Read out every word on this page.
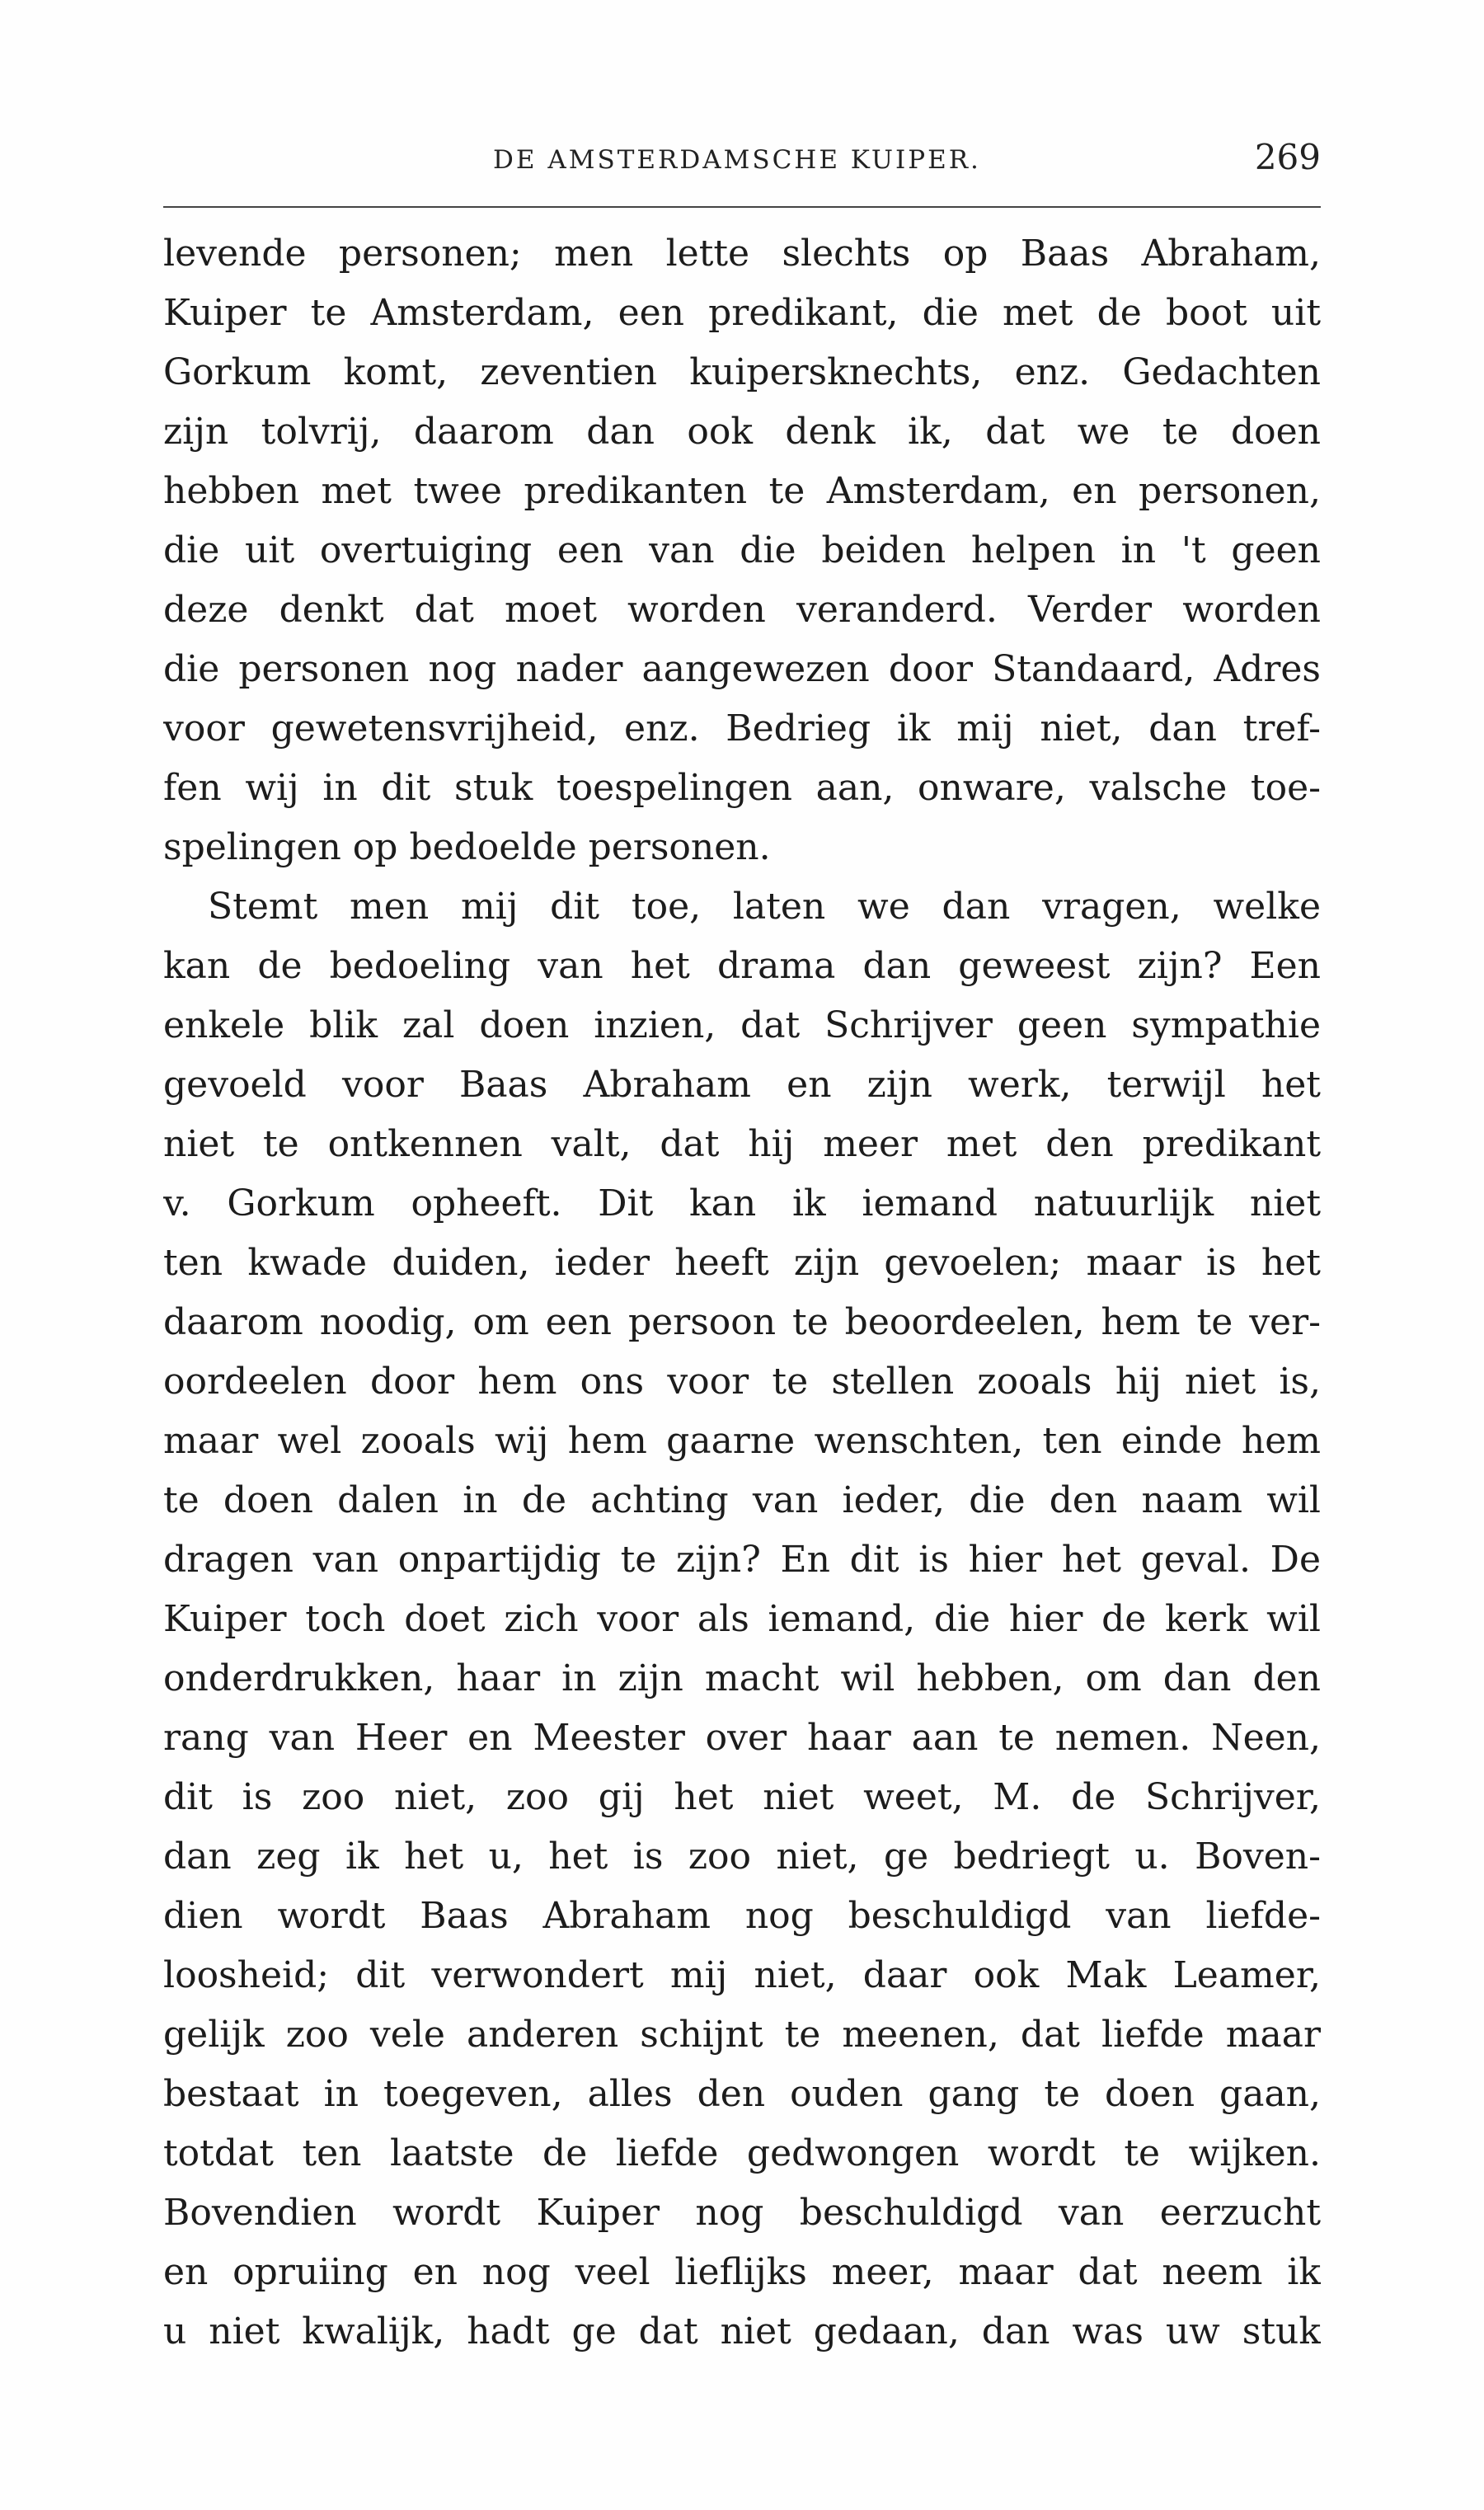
DE AMSTERDAMSCHE KUIPER.	269
levende personen; men lette slechts op Baas Abraham,
Kuiper te Amsterdam, een predikant, die met de boot uit
Gorkum komt, zeventien kuipersknechts, enz. Gedachten
zijn tolvrij, daarom dan ook denk ik, dat we te doen
hebben met twee predikanten te Amsterdam, en personen,
die uit overtuiging een van die beiden helpen in 't geen
deze denkt dat moet worden veranderd. Verder worden
die personen nog nader aangewezen door Standaard, Adres
voor gewetensvrijheid, enz. Bedrieg ik mij niet, dan tref-
fen wij in dit stuk toespelingen aan, onware, valsche toe-
spelingen op bedoelde personen.
Stemt men mij dit toe, laten we dan vragen, welke
kan de bedoeling van het drama dan geweest zijn? Een
enkele blik zal doen inzien, dat Schrijver geen sympathie
gevoeld voor Baas Abraham en zijn werk, terwijl het
niet te ontkennen valt, dat hij meer met den predikant
v. Gorkum opheeft. Dit kan ik iemand natuurlijk niet
ten kwade duiden, ieder heeft zijn gevoelen; maar is het
daarom noodig, om een persoon te beoordeelen, hem te ver-
oordeelen door hem ons voor te stellen zooals hij niet is,
maar wel zooals wij hem gaarne wenschten, ten einde hem
te doen dalen in de achting van ieder, die den naam wil
dragen van onpartijdig te zijn? En dit is hier het geval. De
Kuiper toch doet zich voor als iemand, die hier de kerk wil
onderdrukken, haar in zijn macht wil hebben, om dan den
rang van Heer en Meester over haar aan te nemen. Neen,
dit is zoo niet, zoo gij het niet weet, M. de Schrijver,
dan zeg ik het u, het is zoo niet, ge bedriegt u. Boven-
dien wordt Baas Abraham nog beschuldigd van liefde-
loosheid; dit verwondert mij niet, daar ook Mak Leamer,
gelijk zoo vele anderen schijnt te meenen, dat liefde maar
bestaat in toegeven, alles den ouden gang te doen gaan,
totdat ten laatste de liefde gedwongen wordt te wijken.
Bovendien wordt Kuiper nog beschuldigd van eerzucht
en opruiing en nog veel lieflijks meer, maar dat neem ik
u niet kwalijk, hadt ge dat niet gedaan, dan was uw stuk
